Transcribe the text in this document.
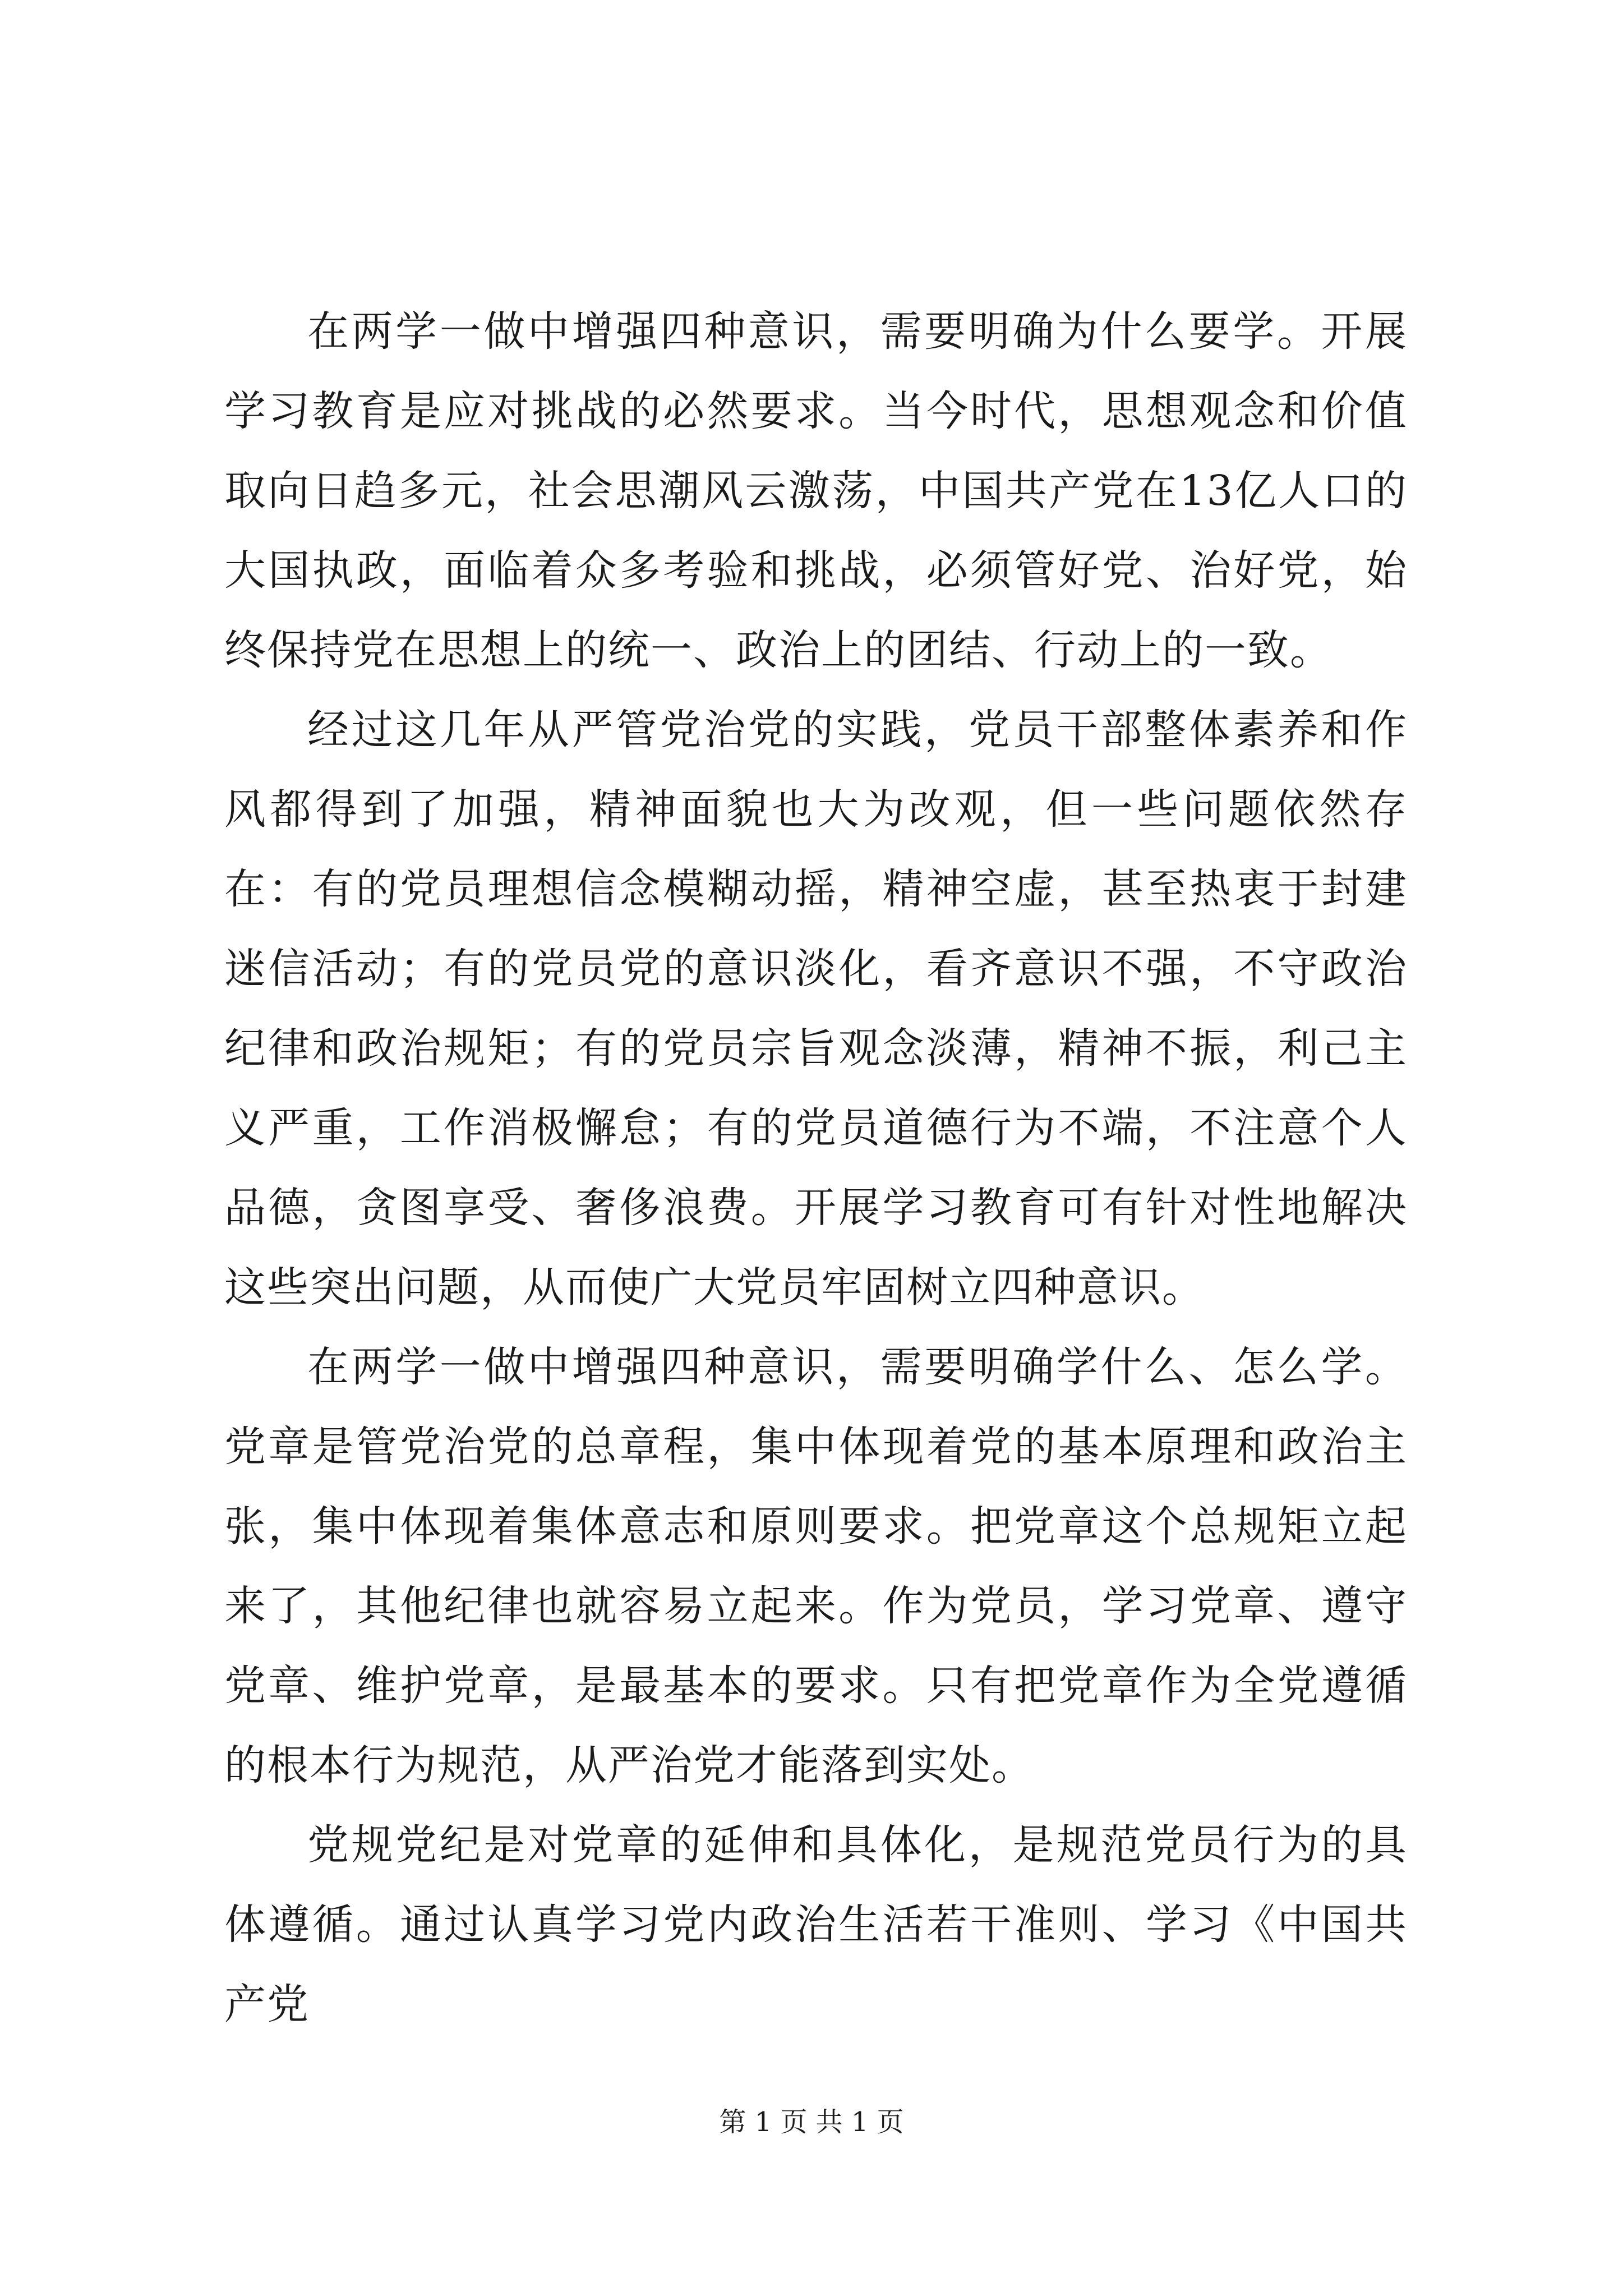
在两学一做中增强四种意识，需要明确为什么要学。开展学习教育是应对挑战的必然要求。当今时代，思想观念和价值取向日趋多元，社会思潮风云激荡，中国共产党在13亿人口的大国执政，面临着众多考验和挑战，必须管好党、治好党，始终保持党在思想上的统一、政治上的团结、行动上的一致。

经过这几年从严管党治党的实践，党员干部整体素养和作风都得到了加强，精神面貌也大为改观，但一些问题依然存在：有的党员理想信念模糊动摇，精神空虚，甚至热衷于封建迷信活动；有的党员党的意识淡化，看齐意识不强，不守政治纪律和政治规矩；有的党员宗旨观念淡薄，精神不振，利己主义严重，工作消极懈怠；有的党员道德行为不端，不注意个人品德，贪图享受、奢侈浪费。开展学习教育可有针对性地解决这些突出问题，从而使广大党员牢固树立四种意识。

在两学一做中增强四种意识，需要明确学什么、怎么学。党章是管党治党的总章程，集中体现着党的基本原理和政治主张，集中体现着集体意志和原则要求。把党章这个总规矩立起来了，其他纪律也就容易立起来。作为党员，学习党章、遵守党章、维护党章，是最基本的要求。只有把党章作为全党遵循的根本行为规范，从严治党才能落到实处。

党规党纪是对党章的延伸和具体化，是规范党员行为的具体遵循。通过认真学习党内政治生活若干准则、学习《中国共产党

第 1 页 共 1 页
